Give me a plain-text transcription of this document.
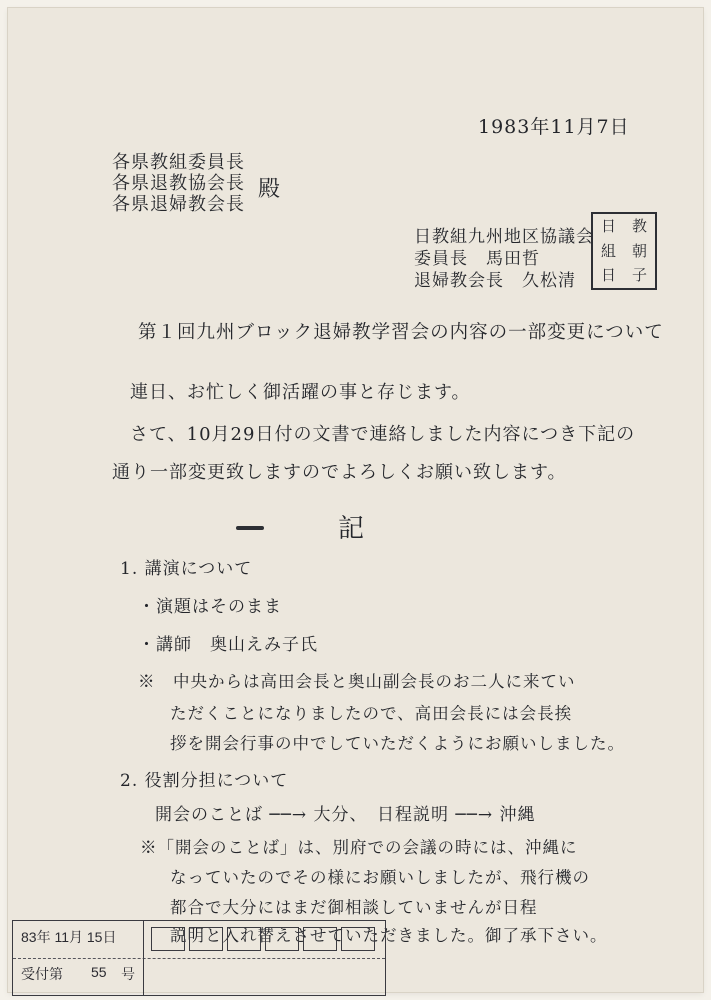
1983年11月7日
各県教組委員長
各県退教協会長
各県退婦教会長
殿
日教組九州地区協議会
委員長　馬田哲
退婦教会長　久松清
日	教
組	朝
日	子
第１回九州ブロック退婦教学習会の内容の一部変更について
連日、お忙しく御活躍の事と存じます。
さて、10月29日付の文書で連絡しました内容につき下記の
通り一部変更致しますのでよろしくお願い致します。
記
1. 講演について
・演題はそのまま
・講師　奥山えみ子氏
※　中央からは高田会長と奥山副会長のお二人に来てい
ただくことになりましたので、高田会長には会長挨
拶を開会行事の中でしていただくようにお願いしました。
2. 役割分担について
開会のことば ──→ 大分、　日程説明 ──→ 沖縄
※「開会のことば」は、別府での会議の時には、沖縄に
なっていたのでその様にお願いしましたが、飛行機の
都合で大分にはまだ御相談していませんが日程
説明と入れ替えさせていただきました。御了承下さい。
83年 11月 15日
受付第 55 号
